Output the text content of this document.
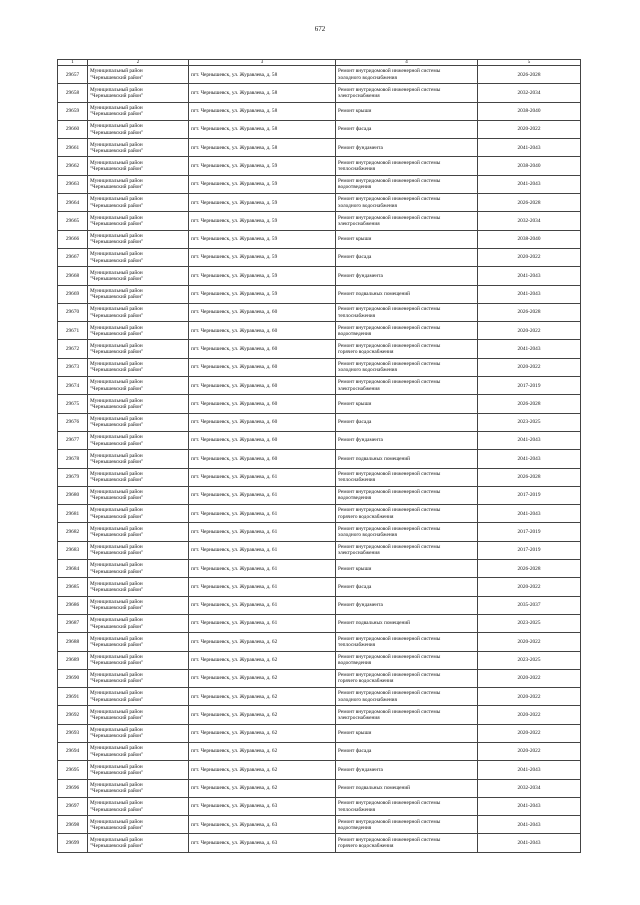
672
1	2	3	4	5
29657	Муниципальный район
"Чернышевский район"	пгт. Чернышевск, ул. Журавлева, д. 58	Ремонт внутридомовой инженерной системы
холодного водоснабжения	2026-2028
29658	Муниципальный район
"Чернышевский район"	пгт. Чернышевск, ул. Журавлева, д. 58	Ремонт внутридомовой инженерной системы
электроснабжения	2032-2034
29659	Муниципальный район
"Чернышевский район"	пгт. Чернышевск, ул. Журавлева, д. 58	Ремонт крыши	2038-2040
29660	Муниципальный район
"Чернышевский район"	пгт. Чернышевск, ул. Журавлева, д. 58	Ремонт фасада	2020-2022
29661	Муниципальный район
"Чернышевский район"	пгт. Чернышевск, ул. Журавлева, д. 58	Ремонт фундамента	2041-2043
29662	Муниципальный район
"Чернышевский район"	пгт. Чернышевск, ул. Журавлева, д. 59	Ремонт внутридомовой инженерной системы
теплоснабжения	2038-2040
29663	Муниципальный район
"Чернышевский район"	пгт. Чернышевск, ул. Журавлева, д. 59	Ремонт внутридомовой инженерной системы
водоотведения	2041-2043
29664	Муниципальный район
"Чернышевский район"	пгт. Чернышевск, ул. Журавлева, д. 59	Ремонт внутридомовой инженерной системы
холодного водоснабжения	2026-2028
29665	Муниципальный район
"Чернышевский район"	пгт. Чернышевск, ул. Журавлева, д. 59	Ремонт внутридомовой инженерной системы
электроснабжения	2032-2034
29666	Муниципальный район
"Чернышевский район"	пгт. Чернышевск, ул. Журавлева, д. 59	Ремонт крыши	2038-2040
29667	Муниципальный район
"Чернышевский район"	пгт. Чернышевск, ул. Журавлева, д. 59	Ремонт фасада	2020-2022
29668	Муниципальный район
"Чернышевский район"	пгт. Чернышевск, ул. Журавлева, д. 59	Ремонт фундамента	2041-2043
29669	Муниципальный район
"Чернышевский район"	пгт. Чернышевск, ул. Журавлева, д. 59	Ремонт подвальных помещений	2041-2043
29670	Муниципальный район
"Чернышевский район"	пгт. Чернышевск, ул. Журавлева, д. 60	Ремонт внутридомовой инженерной системы
теплоснабжения	2026-2028
29671	Муниципальный район
"Чернышевский район"	пгт. Чернышевск, ул. Журавлева, д. 60	Ремонт внутридомовой инженерной системы
водоотведения	2020-2022
29672	Муниципальный район
"Чернышевский район"	пгт. Чернышевск, ул. Журавлева, д. 60	Ремонт внутридомовой инженерной системы
горячего водоснабжения	2041-2043
29673	Муниципальный район
"Чернышевский район"	пгт. Чернышевск, ул. Журавлева, д. 60	Ремонт внутридомовой инженерной системы
холодного водоснабжения	2020-2022
29674	Муниципальный район
"Чернышевский район"	пгт. Чернышевск, ул. Журавлева, д. 60	Ремонт внутридомовой инженерной системы
электроснабжения	2017-2019
29675	Муниципальный район
"Чернышевский район"	пгт. Чернышевск, ул. Журавлева, д. 60	Ремонт крыши	2026-2028
29676	Муниципальный район
"Чернышевский район"	пгт. Чернышевск, ул. Журавлева, д. 60	Ремонт фасада	2023-2025
29677	Муниципальный район
"Чернышевский район"	пгт. Чернышевск, ул. Журавлева, д. 60	Ремонт фундамента	2041-2043
29678	Муниципальный район
"Чернышевский район"	пгт. Чернышевск, ул. Журавлева, д. 60	Ремонт подвальных помещений	2041-2043
29679	Муниципальный район
"Чернышевский район"	пгт. Чернышевск, ул. Журавлева, д. 61	Ремонт внутридомовой инженерной системы
теплоснабжения	2026-2028
29680	Муниципальный район
"Чернышевский район"	пгт. Чернышевск, ул. Журавлева, д. 61	Ремонт внутридомовой инженерной системы
водоотведения	2017-2019
29681	Муниципальный район
"Чернышевский район"	пгт. Чернышевск, ул. Журавлева, д. 61	Ремонт внутридомовой инженерной системы
горячего водоснабжения	2041-2043
29682	Муниципальный район
"Чернышевский район"	пгт. Чернышевск, ул. Журавлева, д. 61	Ремонт внутридомовой инженерной системы
холодного водоснабжения	2017-2019
29683	Муниципальный район
"Чернышевский район"	пгт. Чернышевск, ул. Журавлева, д. 61	Ремонт внутридомовой инженерной системы
электроснабжения	2017-2019
29684	Муниципальный район
"Чернышевский район"	пгт. Чернышевск, ул. Журавлева, д. 61	Ремонт крыши	2026-2028
29685	Муниципальный район
"Чернышевский район"	пгт. Чернышевск, ул. Журавлева, д. 61	Ремонт фасада	2020-2022
29686	Муниципальный район
"Чернышевский район"	пгт. Чернышевск, ул. Журавлева, д. 61	Ремонт фундамента	2035-2037
29687	Муниципальный район
"Чернышевский район"	пгт. Чернышевск, ул. Журавлева, д. 61	Ремонт подвальных помещений	2023-2025
29688	Муниципальный район
"Чернышевский район"	пгт. Чернышевск, ул. Журавлева, д. 62	Ремонт внутридомовой инженерной системы
теплоснабжения	2020-2022
29689	Муниципальный район
"Чернышевский район"	пгт. Чернышевск, ул. Журавлева, д. 62	Ремонт внутридомовой инженерной системы
водоотведения	2023-2025
29690	Муниципальный район
"Чернышевский район"	пгт. Чернышевск, ул. Журавлева, д. 62	Ремонт внутридомовой инженерной системы
горячего водоснабжения	2020-2022
29691	Муниципальный район
"Чернышевский район"	пгт. Чернышевск, ул. Журавлева, д. 62	Ремонт внутридомовой инженерной системы
холодного водоснабжения	2020-2022
29692	Муниципальный район
"Чернышевский район"	пгт. Чернышевск, ул. Журавлева, д. 62	Ремонт внутридомовой инженерной системы
электроснабжения	2020-2022
29693	Муниципальный район
"Чернышевский район"	пгт. Чернышевск, ул. Журавлева, д. 62	Ремонт крыши	2020-2022
29694	Муниципальный район
"Чернышевский район"	пгт. Чернышевск, ул. Журавлева, д. 62	Ремонт фасада	2020-2022
29695	Муниципальный район
"Чернышевский район"	пгт. Чернышевск, ул. Журавлева, д. 62	Ремонт фундамента	2041-2043
29696	Муниципальный район
"Чернышевский район"	пгт. Чернышевск, ул. Журавлева, д. 62	Ремонт подвальных помещений	2032-2034
29697	Муниципальный район
"Чернышевский район"	пгт. Чернышевск, ул. Журавлева, д. 63	Ремонт внутридомовой инженерной системы
теплоснабжения	2041-2043
29698	Муниципальный район
"Чернышевский район"	пгт. Чернышевск, ул. Журавлева, д. 63	Ремонт внутридомовой инженерной системы
водоотведения	2041-2043
29699	Муниципальный район
"Чернышевский район"	пгт. Чернышевск, ул. Журавлева, д. 63	Ремонт внутридомовой инженерной системы
горячего водоснабжения	2041-2043
